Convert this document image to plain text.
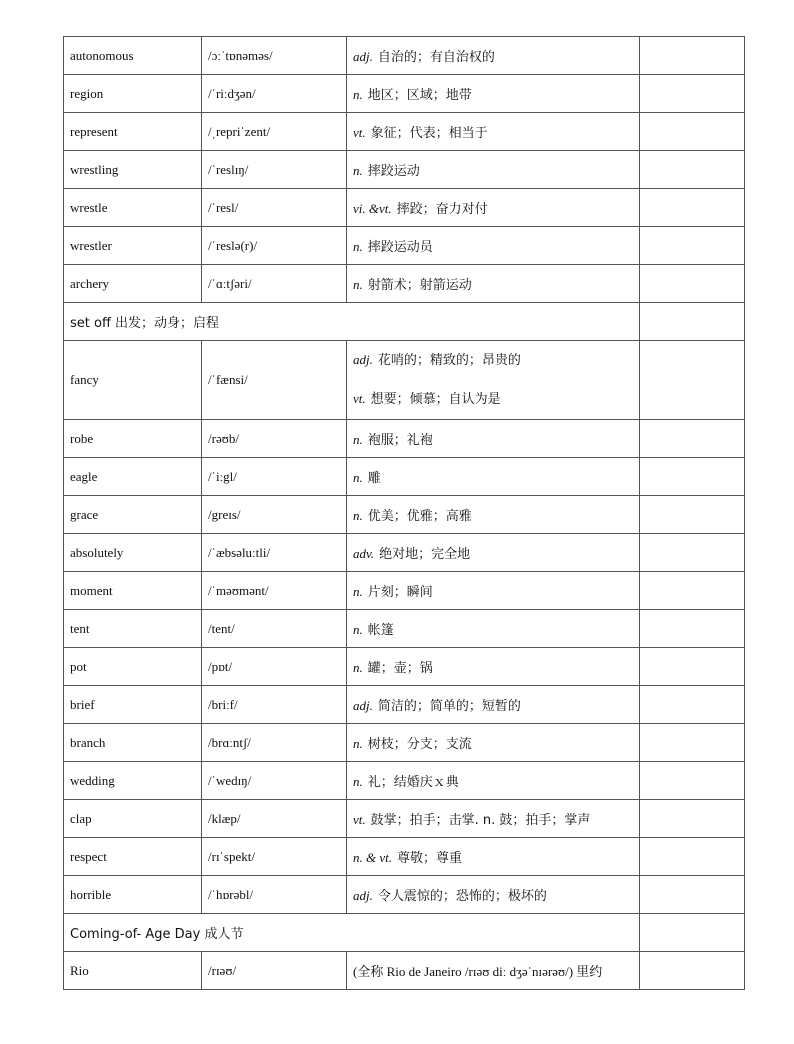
autonomous	/ɔːˈtɒnəməs/	adj. 自治的；有自治权的	
region	/ˈriːdʒən/	n. 地区；区域；地带	
represent	/ˌrepriˈzent/	vt. 象征；代表；相当于	
wrestling	/ˈreslɪŋ/	n. 摔跤运动	
wrestle	/ˈresl/	vi. &vt. 摔跤；奋力对付	
wrestler	/ˈreslə(r)/	n. 摔跤运动员	
archery	/ˈɑːtʃəri/	n. 射箭术；射箭运动	
set off 出发；动身；启程			
fancy	/ˈfænsi/	adj. 花哨的；精致的；昂贵的
vt. 想要；倾慕；自认为是	

robe	/rəʊb/	n. 袍服；礼袍	
eagle	/ˈiːgl/	n. 雕	
grace	/greɪs/	n. 优美；优雅；高雅	
absolutely	/ˈæbsəluːtli/	adv. 绝对地；完全地	
moment	/ˈməʊmənt/	n. 片刻；瞬间	
tent	/tent/	n. 帐篷	
pot	/pɒt/	n. 罐；壶；锅	
brief	/briːf/	adj. 简洁的；简单的；短暂的	
branch	/brɑːntʃ/	n. 树枝；分支；支流	
wedding	/ˈwedɪŋ/	n. 礼；结婚庆ｘ典	
clap	/klæp/	vt. 鼓掌；拍手；击掌. n. 鼓；拍手；掌声	
respect	/rɪˈspekt/	n. & vt. 尊敬；尊重	
horrible	/ˈhɒrəbl/	adj. 令人震惊的；恐怖的；极坏的	
Coming-of- Age Day 成人节			
Rio	/rɪəʊ/	(全称 Rio de Janeiro /rɪəʊ diː dʒəˈnɪərəʊ/) 里约	
